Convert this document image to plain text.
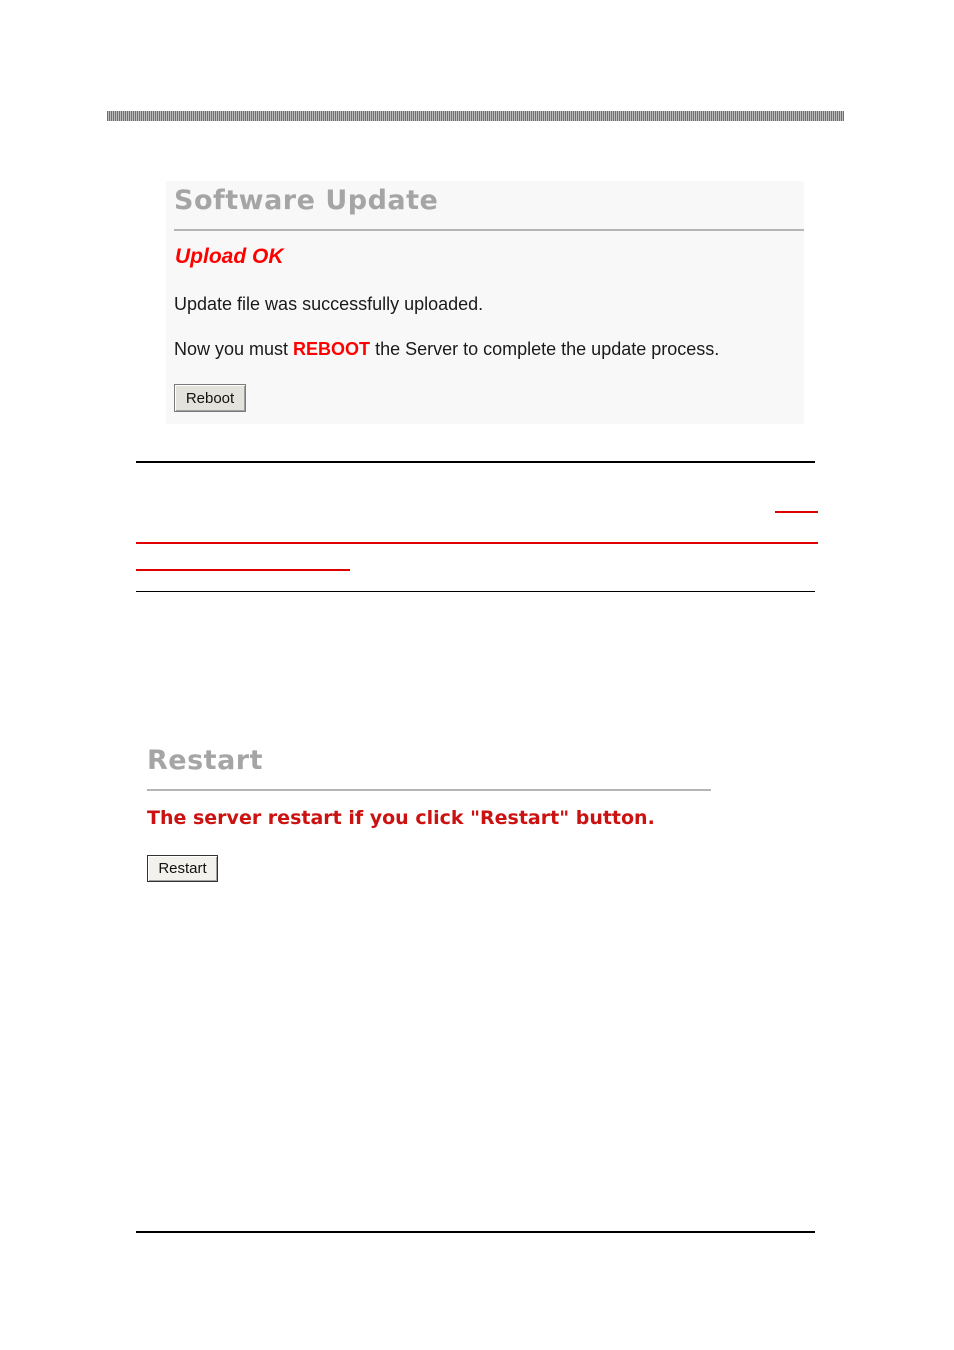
Software Update
Upload OK
Update file was successfully uploaded.
Now you must REBOOT the Server to complete the update process.
Reboot
Restart
The server restart if you click "Restart" button.
Restart
